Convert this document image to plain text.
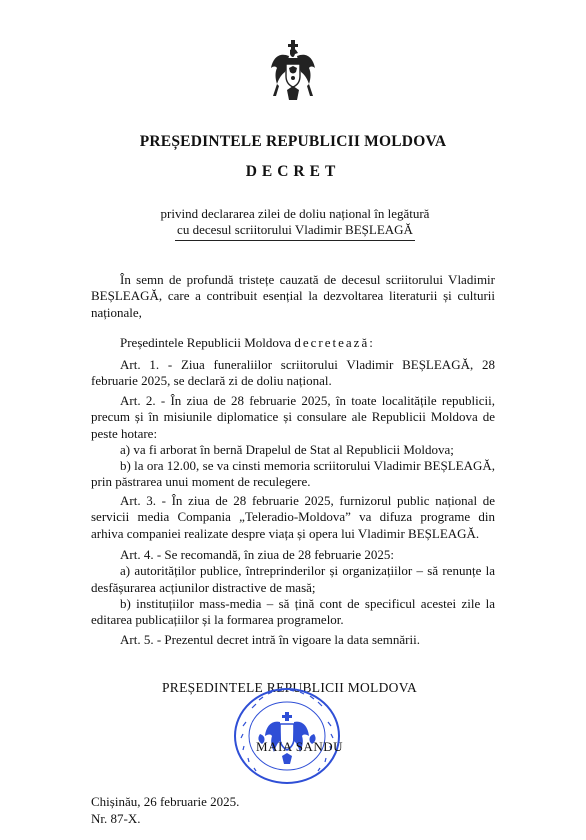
PREȘEDINTELE REPUBLICII MOLDOVA
DECRET
privind declararea zilei de doliu național în legătură
cu decesul scriitorului Vladimir BEȘLEAGĂ

În semn de profundă tristețe cauzată de decesul scriitorului Vladimir BEȘLEAGĂ, care a contribuit esențial la dezvoltarea literaturii și culturii naționale,

Președintele Republicii Moldova decretează:

Art. 1. - Ziua funeraliilor scriitorului Vladimir BEȘLEAGĂ, 28 februarie 2025, se declară zi de doliu național.

Art. 2. - În ziua de 28 februarie 2025, în toate localitățile republicii, precum și în misiunile diplomatice și consulare ale Republicii Moldova de peste hotare:

a) va fi arborat în bernă Drapelul de Stat al Republicii Moldova;

b) la ora 12.00, se va cinsti memoria scriitorului Vladimir BEȘLEAGĂ, prin păstrarea unui moment de reculegere.

Art. 3. - În ziua de 28 februarie 2025, furnizorul public național de servicii media Compania „Teleradio-Moldova” va difuza programe din arhiva companiei realizate despre viața și opera lui Vladimir BEȘLEAGĂ.

Art. 4. - Se recomandă, în ziua de 28 februarie 2025:

a) autorităților publice, întreprinderilor și organizațiilor – să renunțe la desfășurarea acțiunilor distractive de masă;

b) instituțiilor mass-media – să țină cont de specificul acestei zile la editarea publicațiilor și la formarea programelor.

Art. 5. - Prezentul decret intră în vigoare la data semnării.

PREȘEDINTELE REPUBLICII MOLDOVA
MAIA SANDU
Chișinău, 26 februarie 2025.
Nr. 87-X.
